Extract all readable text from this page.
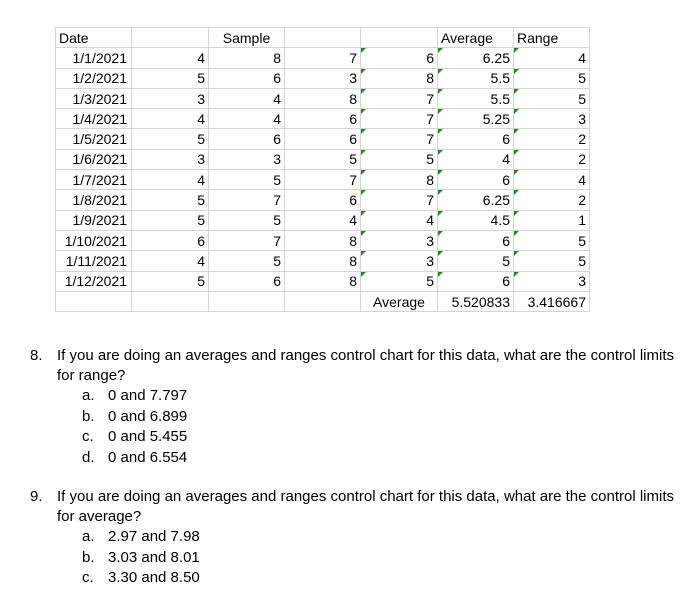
Date		Sample			Average	Range
1/1/2021	4	8	7	6	6.25	4
1/2/2021	5	6	3	8	5.5	5
1/3/2021	3	4	8	7	5.5	5
1/4/2021	4	4	6	7	5.25	3
1/5/2021	5	6	6	7	6	2
1/6/2021	3	3	5	5	4	2
1/7/2021	4	5	7	8	6	4
1/8/2021	5	7	6	7	6.25	2
1/9/2021	5	5	4	4	4.5	1
1/10/2021	6	7	8	3	6	5
1/11/2021	4	5	8	3	5	5
1/12/2021	5	6	8	5	6	3
				Average	5.520833	3.416667
8. If you are doing an averages and ranges control chart for this data, what are the control limits
for range?
a. 0 and 7.797
b. 0 and 6.899
c. 0 and 5.455
d. 0 and 6.554
9. If you are doing an averages and ranges control chart for this data, what are the control limits
for average?
a. 2.97 and 7.98
b. 3.03 and 8.01
c. 3.30 and 8.50
